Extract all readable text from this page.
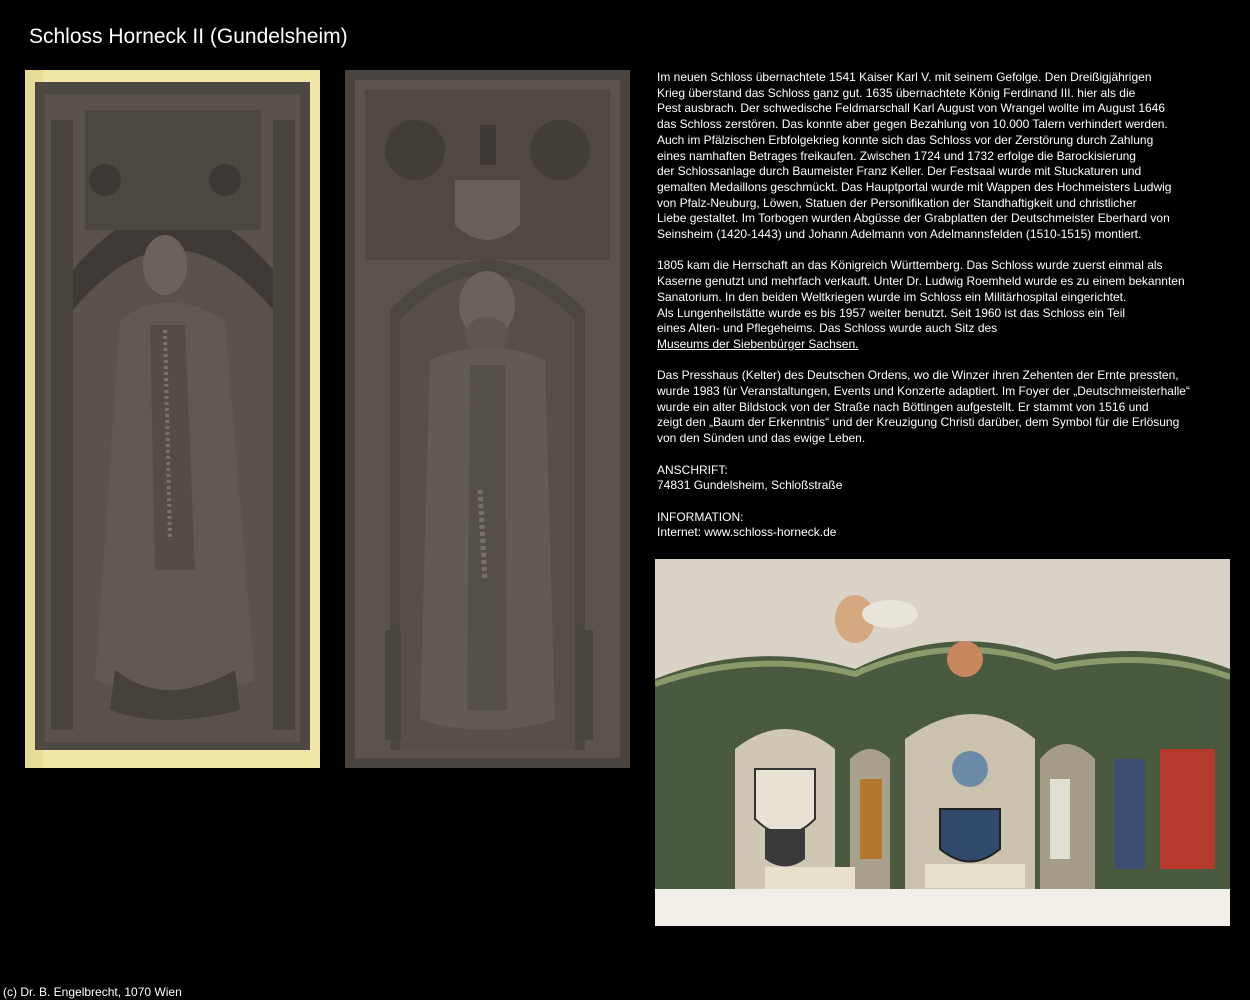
Schloss Horneck II (Gundelsheim)

Im neuen Schloss übernachtete 1541 Kaiser Karl V. mit seinem Gefolge. Den Dreißigjährigen
Krieg überstand das Schloss ganz gut. 1635 übernachtete König Ferdinand III. hier als die
Pest ausbrach. Der schwedische Feldmarschall Karl August von Wrangel wollte im August 1646
das Schloss zerstören. Das konnte aber gegen Bezahlung von 10.000 Talern verhindert werden.
Auch im Pfälzischen Erbfolgekrieg konnte sich das Schloss vor der Zerstörung durch Zahlung
eines namhaften Betrages freikaufen. Zwischen 1724 und 1732 erfolge die Barockisierung
der Schlossanlage durch Baumeister Franz Keller. Der Festsaal wurde mit Stuckaturen und
gemalten Medaillons geschmückt. Das Hauptportal wurde mit Wappen des Hochmeisters Ludwig
von Pfalz-Neuburg, Löwen, Statuen der Personifikation der Standhaftigkeit und christlicher
Liebe gestaltet. Im Torbogen wurden Abgüsse der Grabplatten der Deutschmeister Eberhard von
Seinsheim (1420-1443) und Johann Adelmann von Adelmannsfelden (1510-1515) montiert.

1805 kam die Herrschaft an das Königreich Württemberg. Das Schloss wurde zuerst einmal als
Kaserne genutzt und mehrfach verkauft. Unter Dr. Ludwig Roemheld wurde es zu einem bekannten
Sanatorium. In den beiden Weltkriegen wurde im Schloss ein Militärhospital eingerichtet.
Als Lungenheilstätte wurde es bis 1957 weiter benutzt. Seit 1960 ist das Schloss ein Teil
eines Alten- und Pflegeheims. Das Schloss wurde auch Sitz des
Museums der Siebenbürger Sachsen.

Das Presshaus (Kelter) des Deutschen Ordens, wo die Winzer ihren Zehenten der Ernte pressten,
wurde 1983 für Veranstaltungen, Events und Konzerte adaptiert. Im Foyer der „Deutschmeisterhalle“
wurde ein alter Bildstock von der Straße nach Böttingen aufgestellt. Er stammt von 1516 und
zeigt den „Baum der Erkenntnis“ und der Kreuzigung Christi darüber, dem Symbol für die Erlösung
von den Sünden und das ewige Leben.

ANSCHRIFT:
74831 Gundelsheim, Schloßstraße

INFORMATION:
Internet: www.schloss-horneck.de

(c) Dr. B. Engelbrecht, 1070 Wien
